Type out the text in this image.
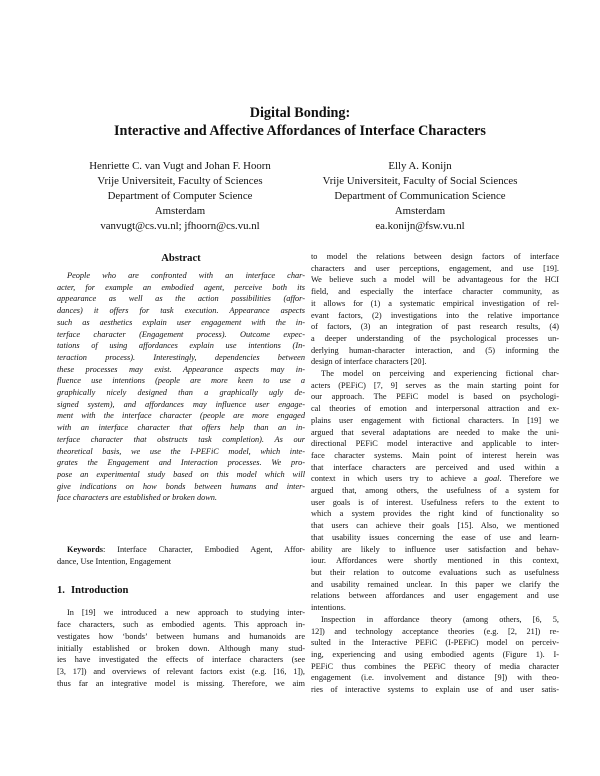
Digital Bonding:
Interactive and Affective Affordances of Interface Characters
Henriette C. van Vugt and Johan F. Hoorn
Vrije Universiteit, Faculty of Sciences
Department of Computer Science
Amsterdam
vanvugt@cs.vu.nl; jfhoorn@cs.vu.nl
Elly A. Konijn
Vrije Universiteit, Faculty of Social Sciences
Department of Communication Science
Amsterdam
ea.konijn@fsw.vu.nl
Abstract
People who are confronted with an interface char-
acter, for example an embodied agent, perceive both its
appearance as well as the action possibilities (affor-
dances) it offers for task execution. Appearance aspects
such as aesthetics explain user engagement with the in-
terface character (Engagement process). Outcome expec-
tations of using affordances explain use intentions (In-
teraction process). Interestingly, dependencies between
these processes may exist. Appearance aspects may in-
fluence use intentions (people are more keen to use a
graphically nicely designed than a graphically ugly de-
signed system), and affordances may influence user engage-
ment with the interface character (people are more engaged
with an interface character that offers help than an in-
terface character that obstructs task completion). As our
theoretical basis, we use the I-PEFiC model, which inte-
grates the Engagement and Interaction processes. We pro-
pose an experimental study based on this model which will
give indications on how bonds between humans and inter-
face characters are established or broken down.
Keywords: Interface Character, Embodied Agent, Affor-
dance, Use Intention, Engagement
1. Introduction
In [19] we introduced a new approach to studying inter-
face characters, such as embodied agents. This approach in-
vestigates how ‘bonds’ between humans and humanoids are
initially established or broken down. Although many stud-
ies have investigated the effects of interface characters (see
[3, 17]) and overviews of relevant factors exist (e.g. [16, 1]),
thus far an integrative model is missing. Therefore, we aim
to model the relations between design factors of interface
characters and user perceptions, engagement, and use [19].
We believe such a model will be advantageous for the HCI
field, and especially the interface character community, as
it allows for (1) a systematic empirical investigation of rel-
evant factors, (2) investigations into the relative importance
of factors, (3) an integration of past research results, (4)
a deeper understanding of the psychological processes un-
derlying human-character interaction, and (5) informing the
design of interface characters [20].
The model on perceiving and experiencing fictional char-
acters (PEFiC) [7, 9] serves as the main starting point for
our approach. The PEFiC model is based on psychologi-
cal theories of emotion and interpersonal attraction and ex-
plains user engagement with fictional characters. In [19] we
argued that several adaptations are needed to make the uni-
directional PEFiC model interactive and applicable to inter-
face character systems. Main point of interest herein was
that interface characters are perceived and used within a
context in which users try to achieve a goal. Therefore we
argued that, among others, the usefulness of a system for
user goals is of interest. Usefulness refers to the extent to
which a system provides the right kind of functionality so
that users can achieve their goals [15]. Also, we mentioned
that usability issues concerning the ease of use and learn-
ability are likely to influence user satisfaction and behav-
iour. Affordances were shortly mentioned in this context,
but their relation to outcome evaluations such as usefulness
and usability remained unclear. In this paper we clarify the
relations between affordances and user engagement and use
intentions.
Inspection in affordance theory (among others, [6, 5,
12]) and technology acceptance theories (e.g. [2, 21]) re-
sulted in the Interactive PEFiC (I-PEFiC) model on perceiv-
ing, experiencing and using embodied agents (Figure 1). I-
PEFiC thus combines the PEFiC theory of media character
engagement (i.e. involvement and distance [9]) with theo-
ries of interactive systems to explain use of and user satis-
